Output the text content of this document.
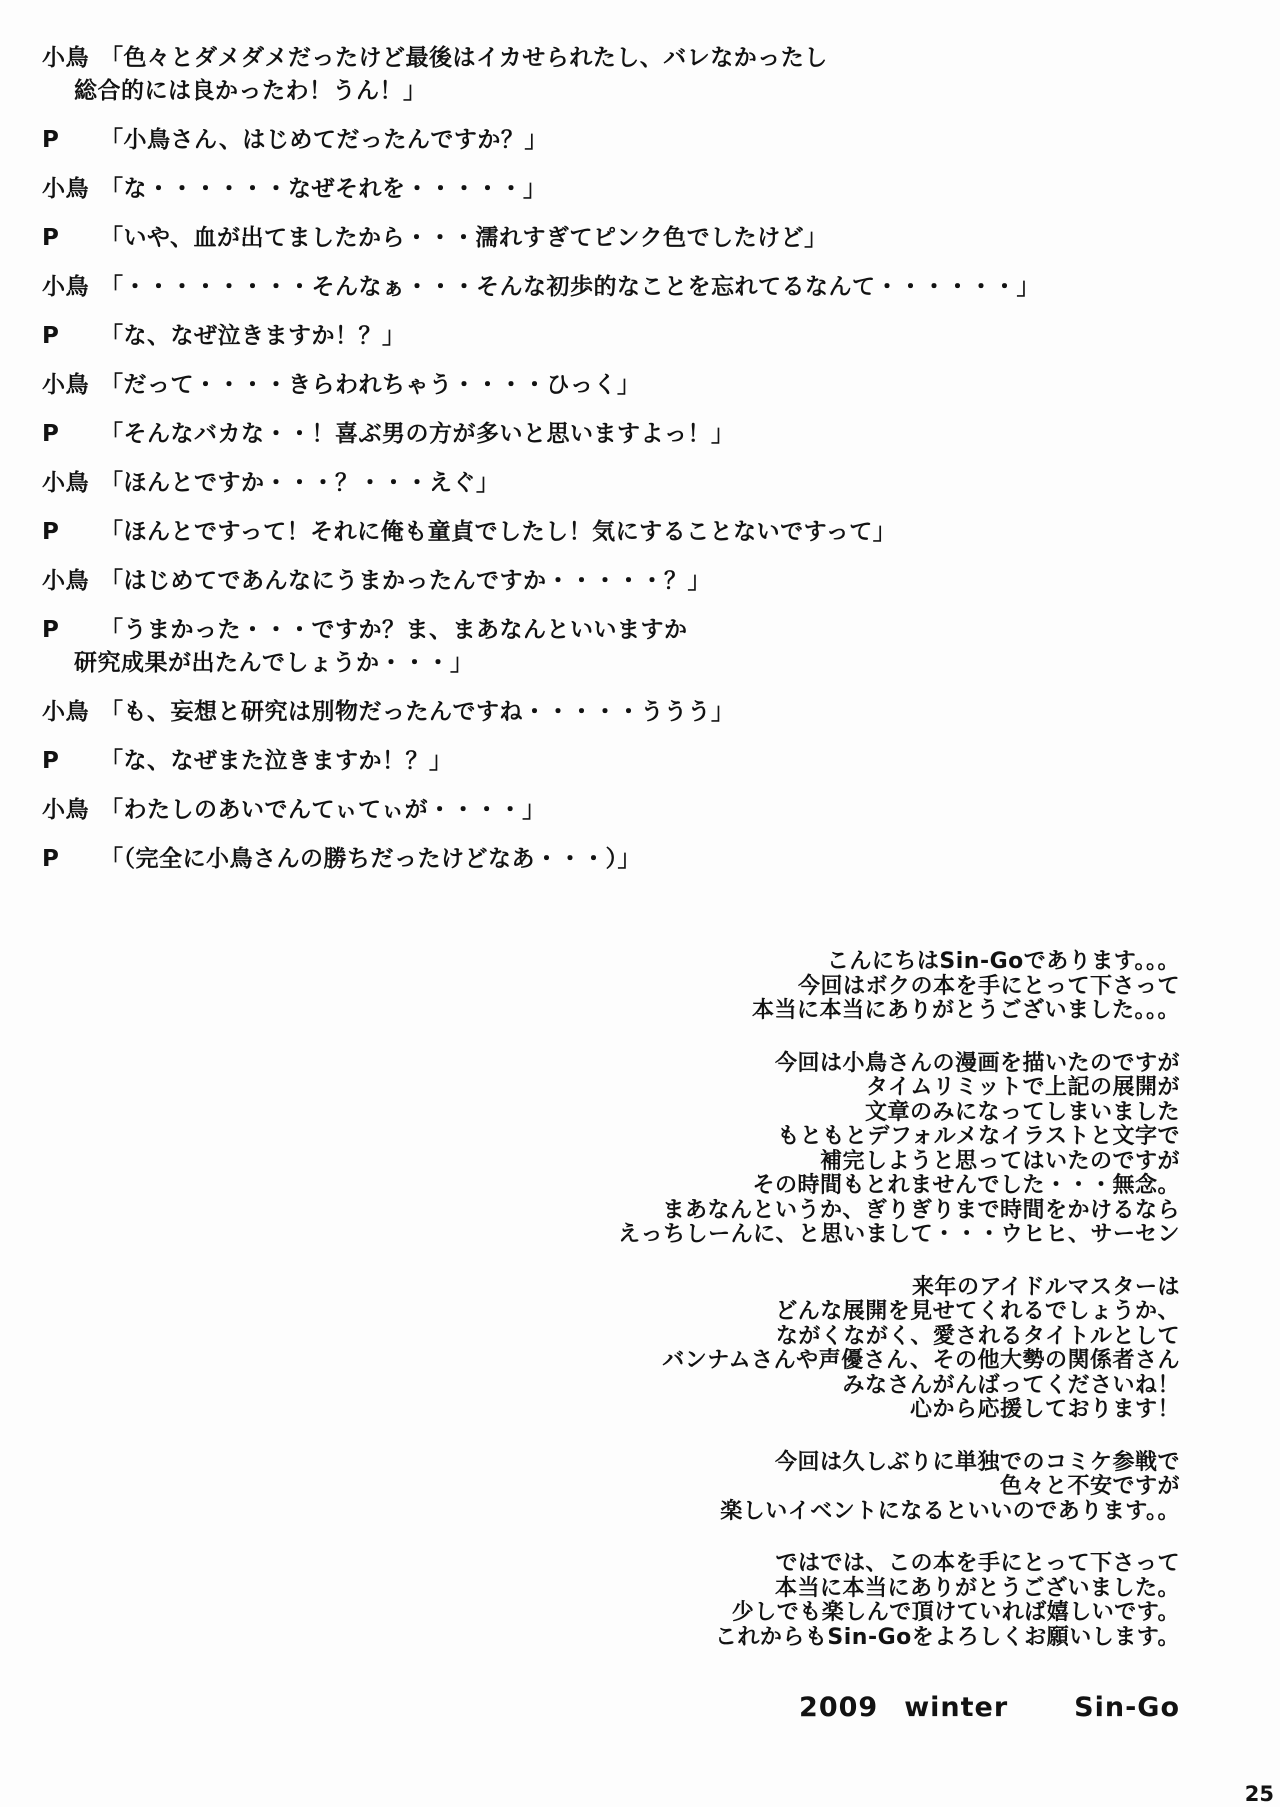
小鳥 「色々とダメダメだったけど最後はイカせられたし、バレなかったし
総合的には良かったわ！うん！」
P	「小鳥さん、はじめてだったんですか？」
小鳥 「な・・・・・・なぜそれを・・・・・」
P	「いや、血が出てましたから・・・濡れすぎてピンク色でしたけど」
小鳥 「・・・・・・・・そんなぁ・・・そんな初歩的なことを忘れてるなんて・・・・・・」
P	「な、なぜ泣きますか！？」
小鳥 「だって・・・・きらわれちゃう・・・・ひっく」
P	「そんなバカな・・！喜ぶ男の方が多いと思いますよっ！」
小鳥 「ほんとですか・・・？・・・えぐ」
P	「ほんとですって！それに俺も童貞でしたし！気にすることないですって」
小鳥 「はじめてであんなにうまかったんですか・・・・・？」
P	「うまかった・・・ですか？ま、まあなんといいますか
研究成果が出たんでしょうか・・・」
小鳥 「も、妄想と研究は別物だったんですね・・・・・ううう」
P	「な、なぜまた泣きますか！？」
小鳥 「わたしのあいでんてぃてぃが・・・・」
P	「（完全に小鳥さんの勝ちだったけどなあ・・・）」
こんにちはSin-Goであります。。。
今回はボクの本を手にとって下さって
本当に本当にありがとうございました。。。
今回は小鳥さんの漫画を描いたのですが
タイムリミットで上記の展開が
文章のみになってしまいました
もともとデフォルメなイラストと文字で
補完しようと思ってはいたのですが
その時間もとれませんでした・・・無念。
まあなんというか、ぎりぎりまで時間をかけるなら
えっちしーんに、と思いまして・・・ウヒヒ、サーセン
来年のアイドルマスターは
どんな展開を見せてくれるでしょうか、
ながくながく、愛されるタイトルとして
バンナムさんや声優さん、その他大勢の関係者さん
みなさんがんばってくださいね！
心から応援しております！
今回は久しぶりに単独でのコミケ参戦で
色々と不安ですが
楽しいイベントになるといいのであります。。
ではでは、この本を手にとって下さって
本当に本当にありがとうございました。
少しでも楽しんで頂けていれば嬉しいです。
これからもSin-Goをよろしくお願いします。
2009 winter Sin-Go
25
